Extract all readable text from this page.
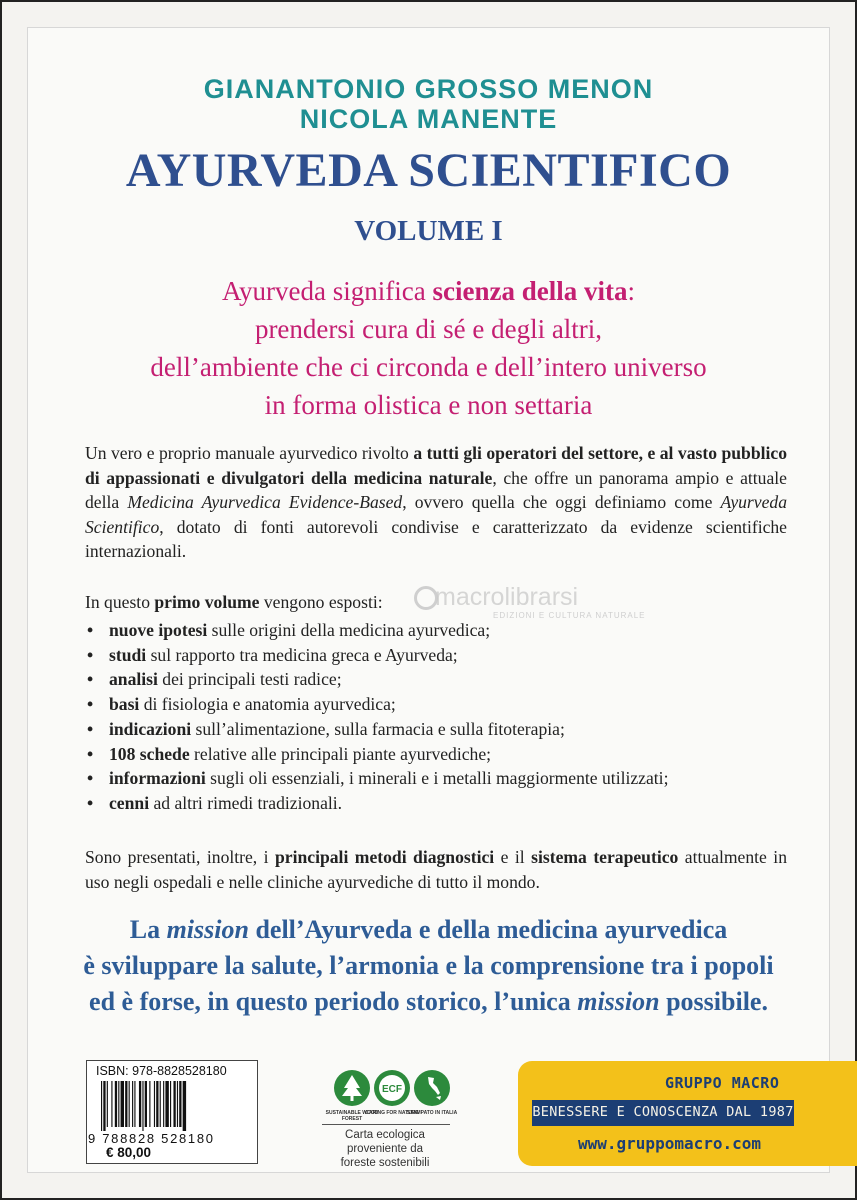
GIANANTONIO GROSSO MENON
NICOLA MANENTE
AYURVEDA SCIENTIFICO
VOLUME I
Ayurveda significa scienza della vita:
prendersi cura di sé e degli altri,
dell’ambiente che ci circonda e dell’intero universo
in forma olistica e non settaria
Un vero e proprio manuale ayurvedico rivolto a tutti gli operatori del settore, e al vasto pubblico di appassionati e divulgatori della medicina naturale, che offre un panorama ampio e attuale della Medicina Ayurvedica Evidence-Based, ovvero quella che oggi definiamo come Ayurveda Scientifico, dotato di fonti autorevoli condivise e caratterizzato da evidenze scientifiche internazionali.
In questo primo volume vengono esposti:
• nuove ipotesi sulle origini della medicina ayurvedica;
• studi sul rapporto tra medicina greca e Ayurveda;
• analisi dei principali testi radice;
• basi di fisiologia e anatomia ayurvedica;
• indicazioni sull’alimentazione, sulla farmacia e sulla fitoterapia;
• 108 schede relative alle principali piante ayurvediche;
• informazioni sugli oli essenziali, i minerali e i metalli maggiormente utilizzati;
• cenni ad altri rimedi tradizionali.
Sono presentati, inoltre, i principali metodi diagnostici e il sistema terapeutico attualmente in uso negli ospedali e nelle cliniche ayurvediche di tutto il mondo.
La mission dell’Ayurveda e della medicina ayurvedica
è sviluppare la salute, l’armonia e la comprensione tra i popoli
ed è forse, in questo periodo storico, l’unica mission possibile.
macrolibrarsi
EDIZIONI E CULTURA NATURALE
ISBN: 978-8828528180
9 788828 528180
€ 80,00
ECF
SUSTAINABLE WOOD FOREST
CARING FOR NATURE
STAMPATO IN ITALIA
Carta ecologica
proveniente da
foreste sostenibili
GRUPPO MACRO
BENESSERE E CONOSCENZA DAL 1987
www.gruppomacro.com
